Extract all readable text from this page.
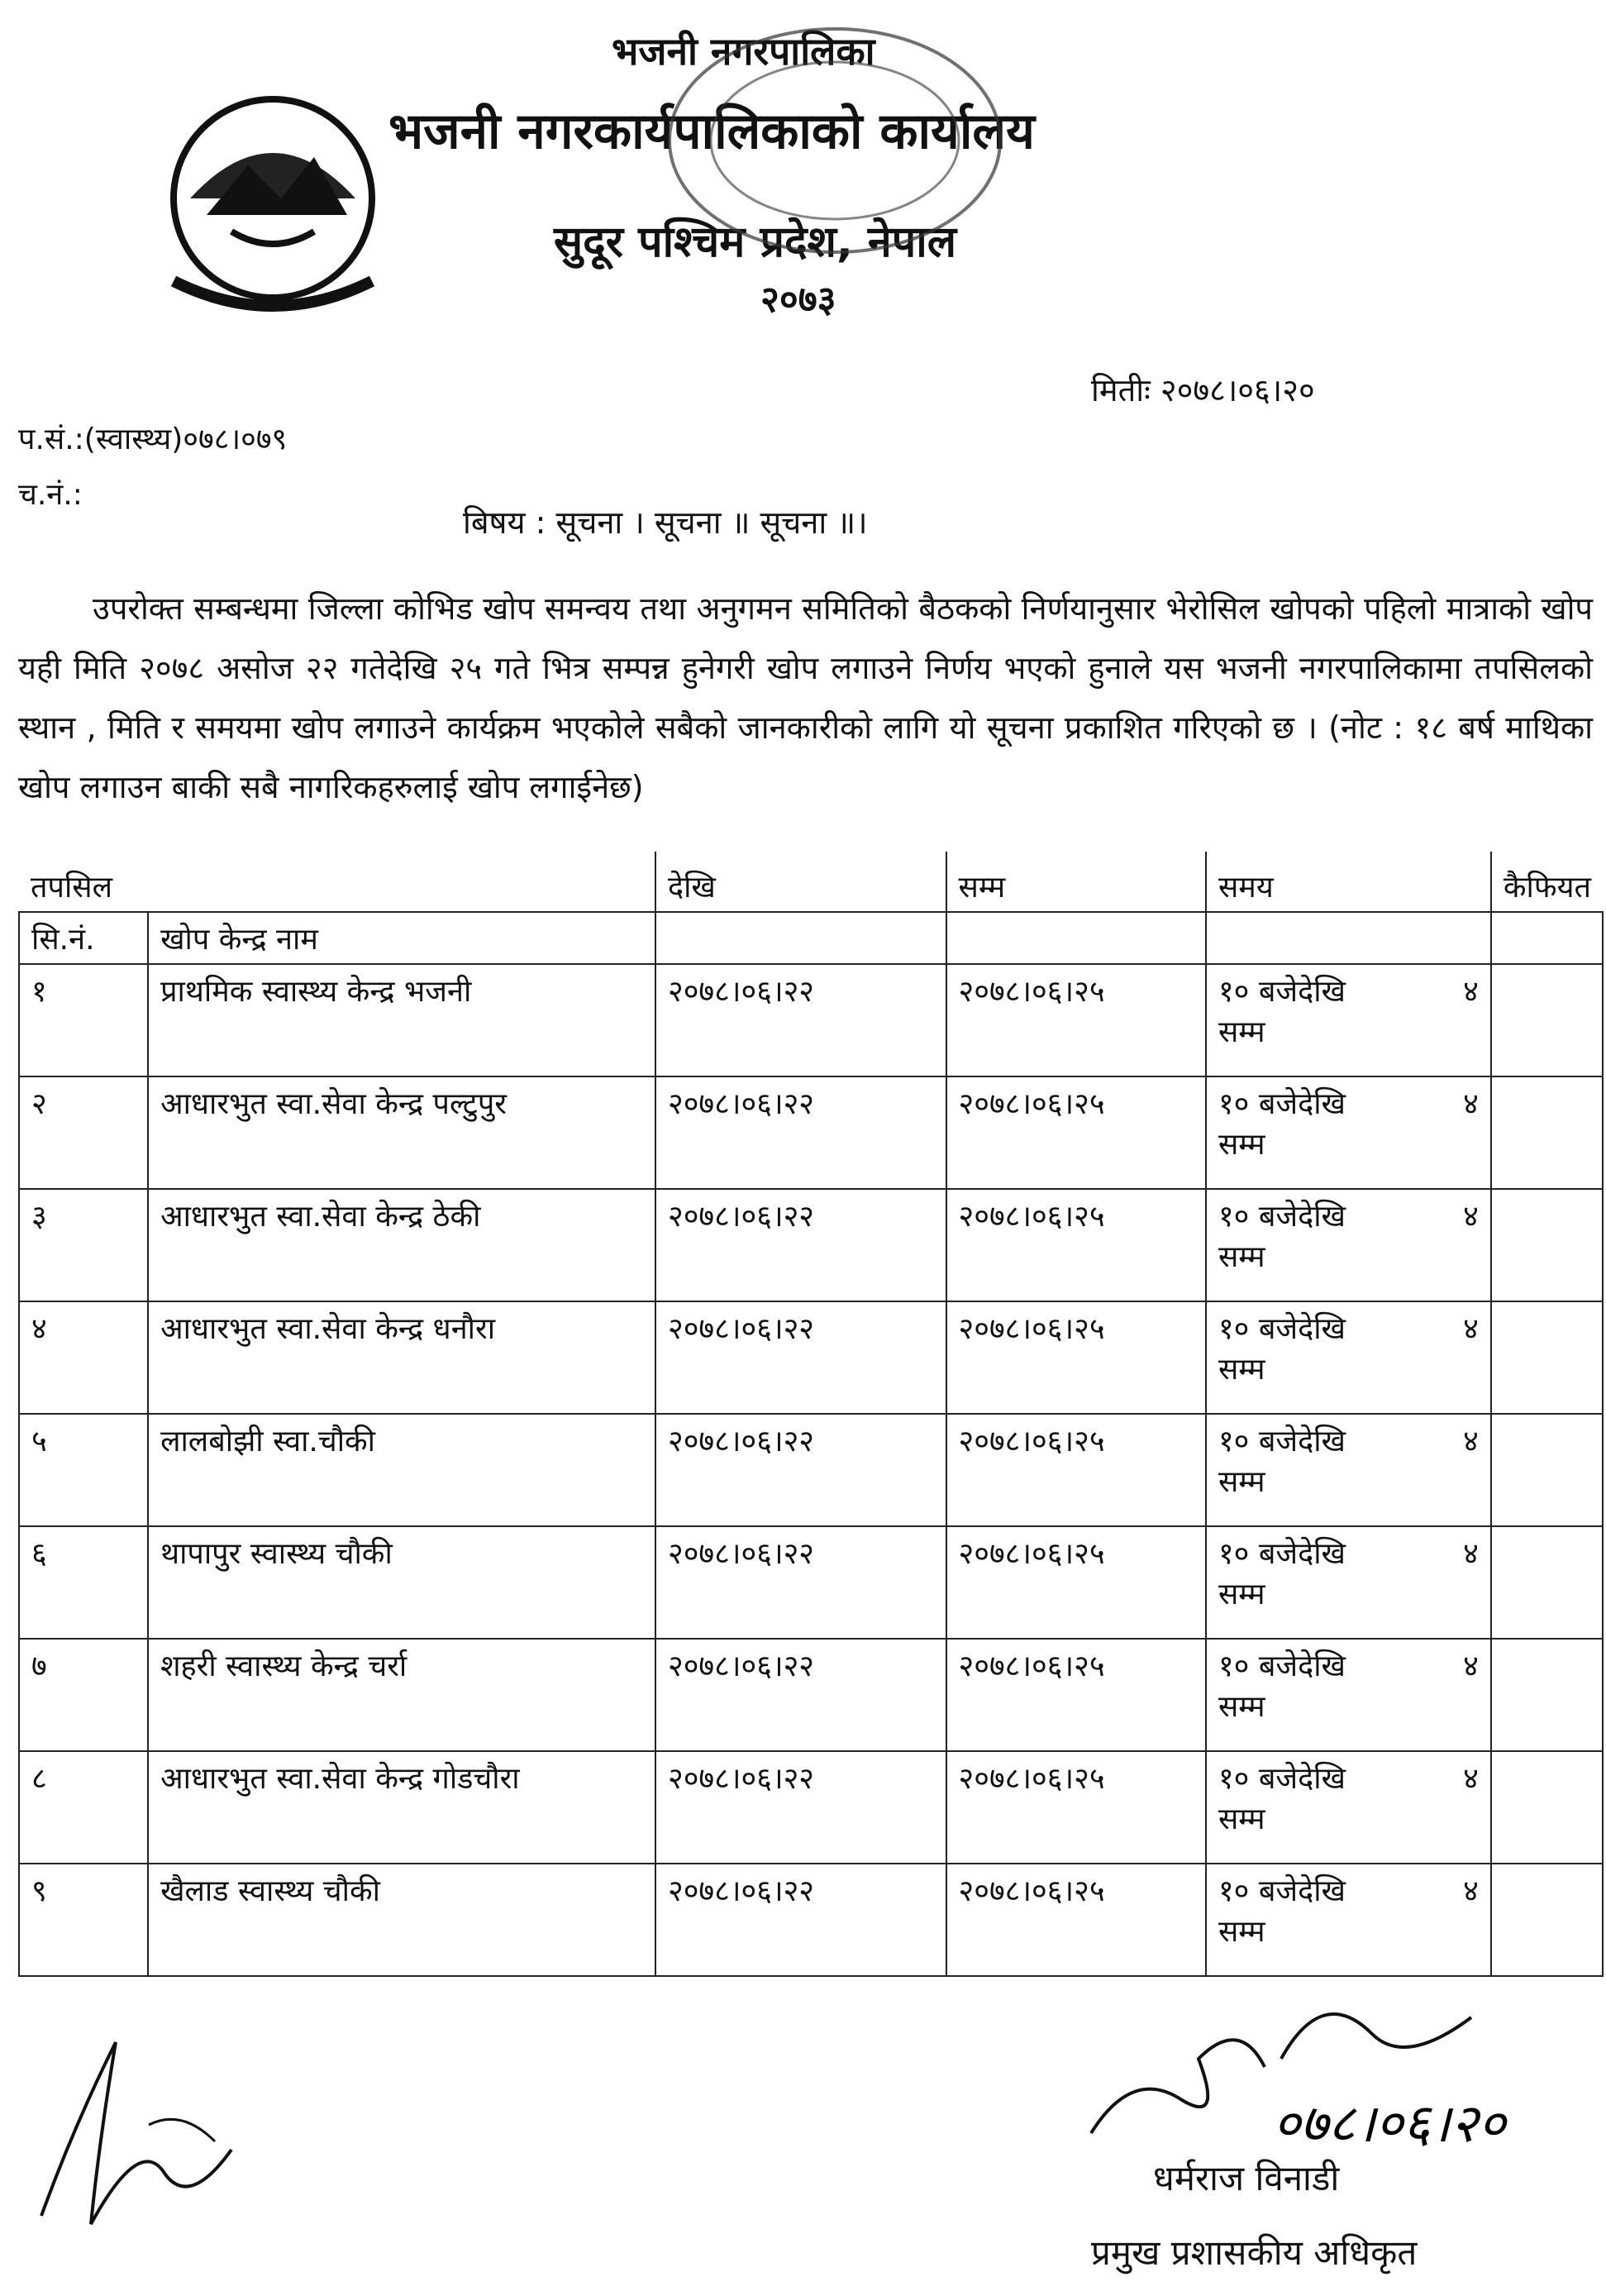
भजनी नगरपालिका
भजनी नगरकार्यपालिकाको कार्यालय
सुदूर पश्चिम प्रदेश, नेपाल
२०७३
मितीः २०७८।०६।२०
प.सं.:(स्वास्थ्य)०७८।०७९
च.नं.:
बिषय : सूचना । सूचना ॥ सूचना ॥।
उपरोक्त सम्बन्धमा जिल्ला कोभिड खोप समन्वय तथा अनुगमन समितिको बैठकको निर्णयानुसार भेरोसिल खोपको पहिलो मात्राको खोप यही मिति २०७८ असोज २२ गतेदेखि २५ गते भित्र सम्पन्न हुनेगरी खोप लगाउने निर्णय भएको हुनाले यस भजनी नगरपालिकामा तपसिलको स्थान , मिति र समयमा खोप लगाउने कार्यक्रम भएकोले सबैको जानकारीको लागि यो सूचना प्रकाशित गरिएको छ । (नोट : १८ बर्ष माथिका खोप लगाउन बाकी सबै नागरिकहरुलाई खोप लगाईनेछ)
तपसिल		देखि	सम्म	समय	कैफियत
सि.नं.	खोप केन्द्र नाम				
१	प्राथमिक स्वास्थ्य केन्द्र भजनी	२०७८।०६।२२	२०७८।०६।२५	१० बजेदेखि ४
सम्म	

२	आधारभुत स्वा.सेवा केन्द्र पल्टुपुर	२०७८।०६।२२	२०७८।०६।२५	१० बजेदेखि ४
सम्म	

३	आधारभुत स्वा.सेवा केन्द्र ठेकी	२०७८।०६।२२	२०७८।०६।२५	१० बजेदेखि ४
सम्म	

४	आधारभुत स्वा.सेवा केन्द्र धनौरा	२०७८।०६।२२	२०७८।०६।२५	१० बजेदेखि ४
सम्म	

५	लालबोझी स्वा.चौकी	२०७८।०६।२२	२०७८।०६।२५	१० बजेदेखि ४
सम्म	

६	थापापुर स्वास्थ्य चौकी	२०७८।०६।२२	२०७८।०६।२५	१० बजेदेखि ४
सम्म	

७	शहरी स्वास्थ्य केन्द्र चर्रा	२०७८।०६।२२	२०७८।०६।२५	१० बजेदेखि ४
सम्म	

८	आधारभुत स्वा.सेवा केन्द्र गोडचौरा	२०७८।०६।२२	२०७८।०६।२५	१० बजेदेखि ४
सम्म	

९	खैलाड स्वास्थ्य चौकी	२०७८।०६।२२	२०७८।०६।२५	१० बजेदेखि ४
सम्म	

०७८।०६।२०
धर्मराज विनाडी
प्रमुख प्रशासकीय अधिकृत
